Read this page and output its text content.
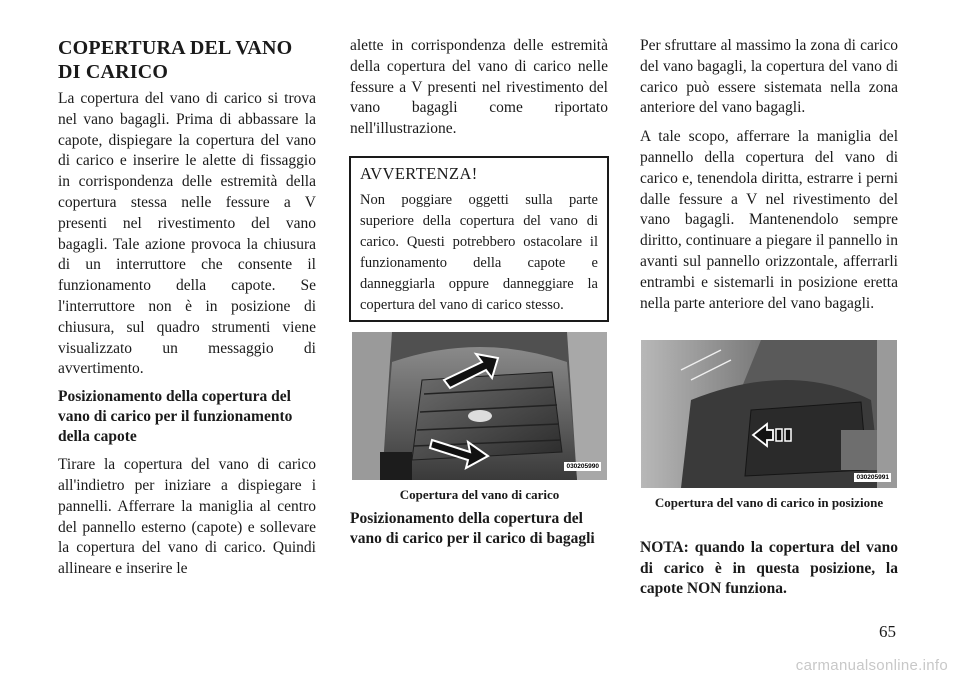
COPERTURA DEL VANO DI CARICO

La copertura del vano di carico si trova nel vano bagagli. Prima di abbassare la capote, dispiegare la copertura del vano di carico e inserire le alette di fissaggio in corrispondenza delle estremità della copertura stessa nelle fessure a V presenti nel rivestimento del vano bagagli. Tale azione provoca la chiusura di un interruttore che consente il funzionamento della capote. Se l'interruttore non è in posizione di chiusura, sul quadro strumenti viene visualizzato un messaggio di avvertimento.

Posizionamento della copertura del vano di carico per il funzionamento della capote

Tirare la copertura del vano di carico all'indietro per iniziare a dispiegare i pannelli. Afferrare la maniglia al centro del pannello esterno (capote) e sollevare la copertura del vano di carico. Quindi allineare e inserire le

alette in corrispondenza delle estremità della copertura del vano di carico nelle fessure a V presenti nel rivestimento del vano bagagli come riportato nell'illustrazione.

AVVERTENZA!

Non poggiare oggetti sulla parte superiore della copertura del vano di carico. Questi potrebbero ostacolare il funzionamento della capote e danneggiarla oppure danneggiare la copertura del vano di carico stesso.

030205990
Copertura del vano di carico
Posizionamento della copertura del vano di carico per il carico di bagagli

Per sfruttare al massimo la zona di carico del vano bagagli, la copertura del vano di carico può essere sistemata nella zona anteriore del vano bagagli.

A tale scopo, afferrare la maniglia del pannello della copertura del vano di carico e, tenendola diritta, estrarre i perni dalle fessure a V nel rivestimento del vano bagagli. Mantenendolo sempre diritto, continuare a piegare il pannello in avanti sul pannello orizzontale, afferrarli entrambi e sistemarli in posizione eretta nella parte anteriore del vano bagagli.

030205991
Copertura del vano di carico in posizione

NOTA: quando la copertura del vano di carico è in questa posizione, la capote NON funziona.

65
carmanualsonline.info
